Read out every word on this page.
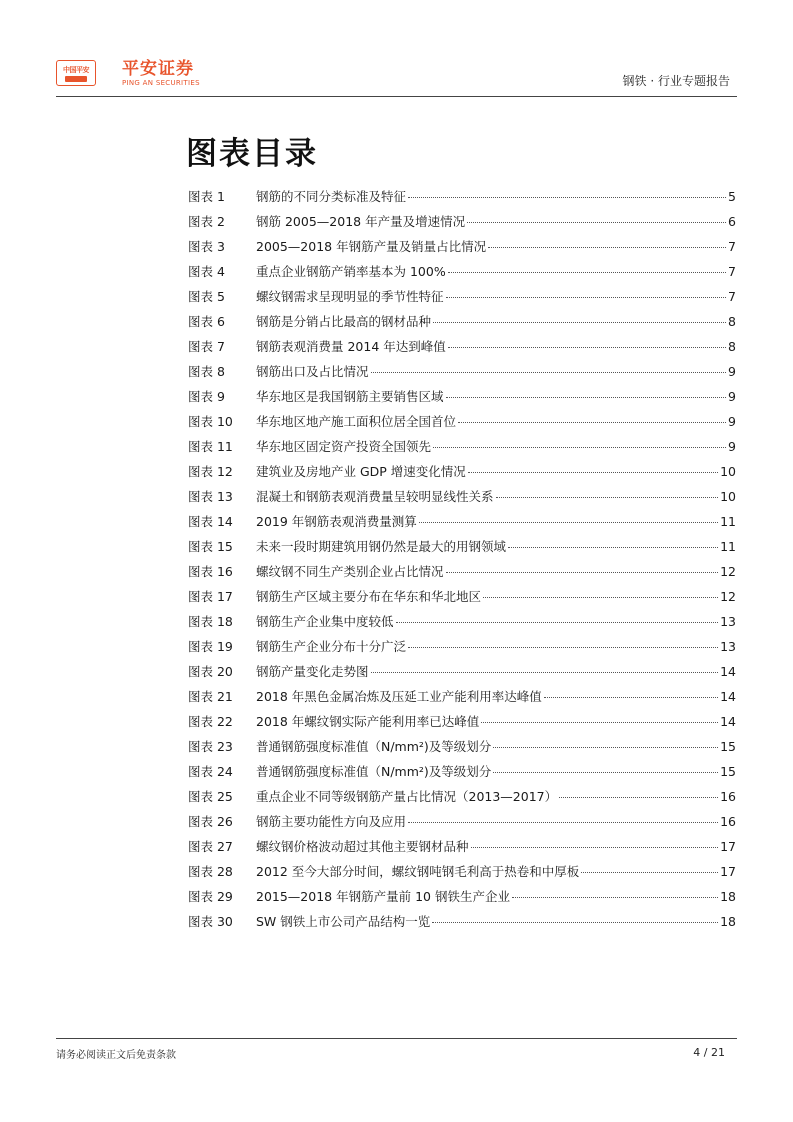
中国平安	平安证券
PING AN SECURITIES	钢铁 · 行业专题报告
图表目录
图表 1	钢筋的不同分类标准及特征	5
图表 2	钢筋 2005—2018 年产量及增速情况	6
图表 3	2005—2018 年钢筋产量及销量占比情况	7
图表 4	重点企业钢筋产销率基本为 100%	7
图表 5	螺纹钢需求呈现明显的季节性特征	7
图表 6	钢筋是分销占比最高的钢材品种	8
图表 7	钢筋表观消费量 2014 年达到峰值	8
图表 8	钢筋出口及占比情况	9
图表 9	华东地区是我国钢筋主要销售区域	9
图表 10	华东地区地产施工面积位居全国首位	9
图表 11	华东地区固定资产投资全国领先	9
图表 12	建筑业及房地产业 GDP 增速变化情况	10
图表 13	混凝土和钢筋表观消费量呈较明显线性关系	10
图表 14	2019 年钢筋表观消费量测算	11
图表 15	未来一段时期建筑用钢仍然是最大的用钢领域	11
图表 16	螺纹钢不同生产类别企业占比情况	12
图表 17	钢筋生产区域主要分布在华东和华北地区	12
图表 18	钢筋生产企业集中度较低	13
图表 19	钢筋生产企业分布十分广泛	13
图表 20	钢筋产量变化走势图	14
图表 21	2018 年黑色金属冶炼及压延工业产能利用率达峰值	14
图表 22	2018 年螺纹钢实际产能利用率已达峰值	14
图表 23	普通钢筋强度标准值（N/mm²)及等级划分	15
图表 24	普通钢筋强度标准值（N/mm²)及等级划分	15
图表 25	重点企业不同等级钢筋产量占比情况（2013—2017）	16
图表 26	钢筋主要功能性方向及应用	16
图表 27	螺纹钢价格波动超过其他主要钢材品种	17
图表 28	2012 至今大部分时间，螺纹钢吨钢毛利高于热卷和中厚板	17
图表 29	2015—2018 年钢筋产量前 10 钢铁生产企业	18
图表 30	SW 钢铁上市公司产品结构一览	18
请务必阅读正文后免责条款	4 / 21
